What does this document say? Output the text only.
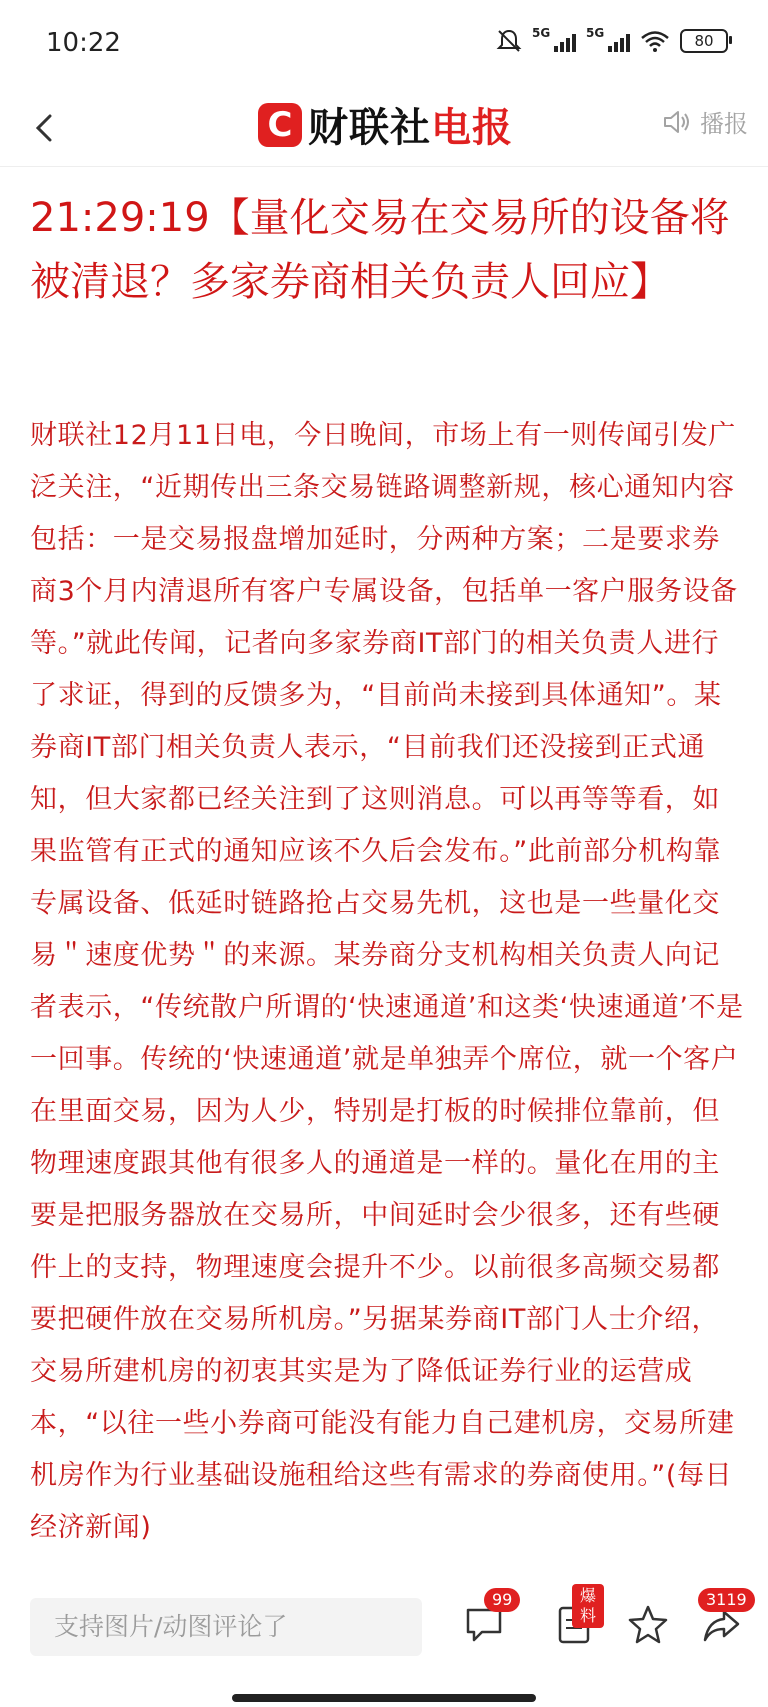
10:22	5G	5G	80
C 财联社电报	播报
21:29:19【量化交易在交易所的设备将被清退？多家券商相关负责人回应】

财联社12月11日电，今日晚间，市场上有一则传闻引发广泛关注，“近期传出三条交易链路调整新规，核心通知内容包括：一是交易报盘增加延时，分两种方案；二是要求券商3个月内清退所有客户专属设备，包括单一客户服务设备等。”就此传闻，记者向多家券商IT部门的相关负责人进行了求证，得到的反馈多为，“目前尚未接到具体通知”。某券商IT部门相关负责人表示，“目前我们还没接到正式通知，但大家都已经关注到了这则消息。可以再等等看，如果监管有正式的通知应该不久后会发布。”此前部分机构靠专属设备、低延时链路抢占交易先机，这也是一些量化交易＂速度优势＂的来源。某券商分支机构相关负责人向记者表示，“传统散户所谓的‘快速通道’和这类‘快速通道’不是一回事。传统的‘快速通道’就是单独弄个席位，就一个客户在里面交易，因为人少，特别是打板的时候排位靠前，但物理速度跟其他有很多人的通道是一样的。量化在用的主要是把服务器放在交易所，中间延时会少很多，还有些硬件上的支持，物理速度会提升不少。以前很多高频交易都要把硬件放在交易所机房。”另据某券商IT部门人士介绍，交易所建机房的初衷其实是为了降低证券行业的运营成本，“以往一些小券商可能没有能力自己建机房，交易所建机房作为行业基础设施租给这些有需求的券商使用。”(每日经济新闻)

支持图片/动图评论了
99	爆料
3119
